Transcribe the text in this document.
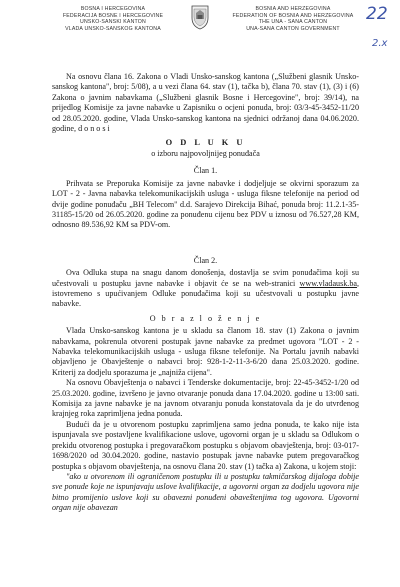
BOSNA I HERCEGOVINA
FEDERACIJA BOSNE I HERCEGOVINE
UNSKO-SANSKI KANTON
VLADA UNSKO-SANSKOG KANTONA
BOSNIA AND HERZEGOVINA
FEDERATION OF BOSNIA AND HERZEGOVINA
THE UNA - SANA CANTON
UNA-SANA CANTON GOVERNMENT
22
2.x

Na osnovu člana 16. Zakona o Vladi Unsko-sanskog kantona („Službeni glasnik Unsko-sanskog kantona", broj: 5/08), a u vezi člana 64. stav (1), tačka b), člana 70. stav (1), (3) i (6) Zakona o javnim nabavkama („Službeni glasnik Bosne i Hercegovine", broj: 39/14), na prijedlog Komisije za javne nabavke u Zapisniku o ocjeni ponuda, broj: 03/3-45-3452-11/20 od 28.05.2020. godine, Vlada Unsko-sanskog kantona na sjednici održanoj dana 04.06.2020. godine, d o n o s i

O D L U K U
o izboru najpovoljnijeg ponuđača
Član 1.

Prihvata se Preporuka Komisije za javne nabavke i dodjeljuje se okvirni sporazum za LOT - 2 - Javna nabavka telekomunikacijskih usluga - usluga fiksne telefonije na period od dvije godine ponuđaču „BH Telecom" d.d. Sarajevo Direkcija Bihać, ponuda broj: 11.2.1-35-31185-15/20 od 26.05.2020. godine za ponuđenu cijenu bez PDV u iznosu od 76.527,28 KM, odnosno 89.536,92 KM sa PDV-om.

Član 2.

Ova Odluka stupa na snagu danom donošenja, dostavlja se svim ponuđačima koji su učestvovali u postupku javne nabavke i objavit će se na web-stranici www.vladausk.ba, istovremeno s upućivanjem Odluke ponuđačima koji su učestvovali u postupku javne nabavke.

O b r a z l o ž e n j e

Vlada Unsko-sanskog kantona je u skladu sa članom 18. stav (1) Zakona o javnim nabavkama, pokrenula otvoreni postupak javne nabavke za predmet ugovora "LOT - 2 - Nabavka telekomunikacijskih usluga - usluga fiksne telefonije. Na Portalu javnih nabavki objavljeno je Obavještenje o nabavci broj: 928-1-2-11-3-6/20 dana 25.03.2020. godine. Kriterij za dodjelu sporazuma je „najniža cijena".

Na osnovu Obavještenja o nabavci i Tenderske dokumentacije, broj: 22-45-3452-1/20 od 25.03.2020. godine, izvršeno je javno otvaranje ponuda dana 17.04.2020. godine u 13:00 sati. Komisija za javne nabavke je na javnom otvaranju ponuda konstatovala da je do utvrđenog krajnjeg roka zaprimljena jedna ponuda.

Budući da je u otvorenom postupku zaprimljena samo jedna ponuda, te kako nije ista ispunjavala sve postavljene kvalifikacione uslove, ugovorni organ je u skladu sa Odlukom o prekidu otvorenog postupka i pregovaračkom postupku s objavom obavještenja, broj: 03-017-1698/2020 od 30.04.2020. godine, nastavio postupak javne nabavke putem pregovaračkog postupka s objavom obavještenja, na osnovu člana 20. stav (1) tačka a) Zakona, u kojem stoji:

"ako u otvorenom ili ograničenom postupku ili u postupku takmičarskog dijaloga dobije sve ponude koje ne ispunjavaju uslove kvalifikacije, a ugovorni organ za dodjelu ugovora nije bitno promijenio uslove koji su obavezni ponuđeni obaveštenjima tog ugovora. Ugovorni organ nije obavezan
